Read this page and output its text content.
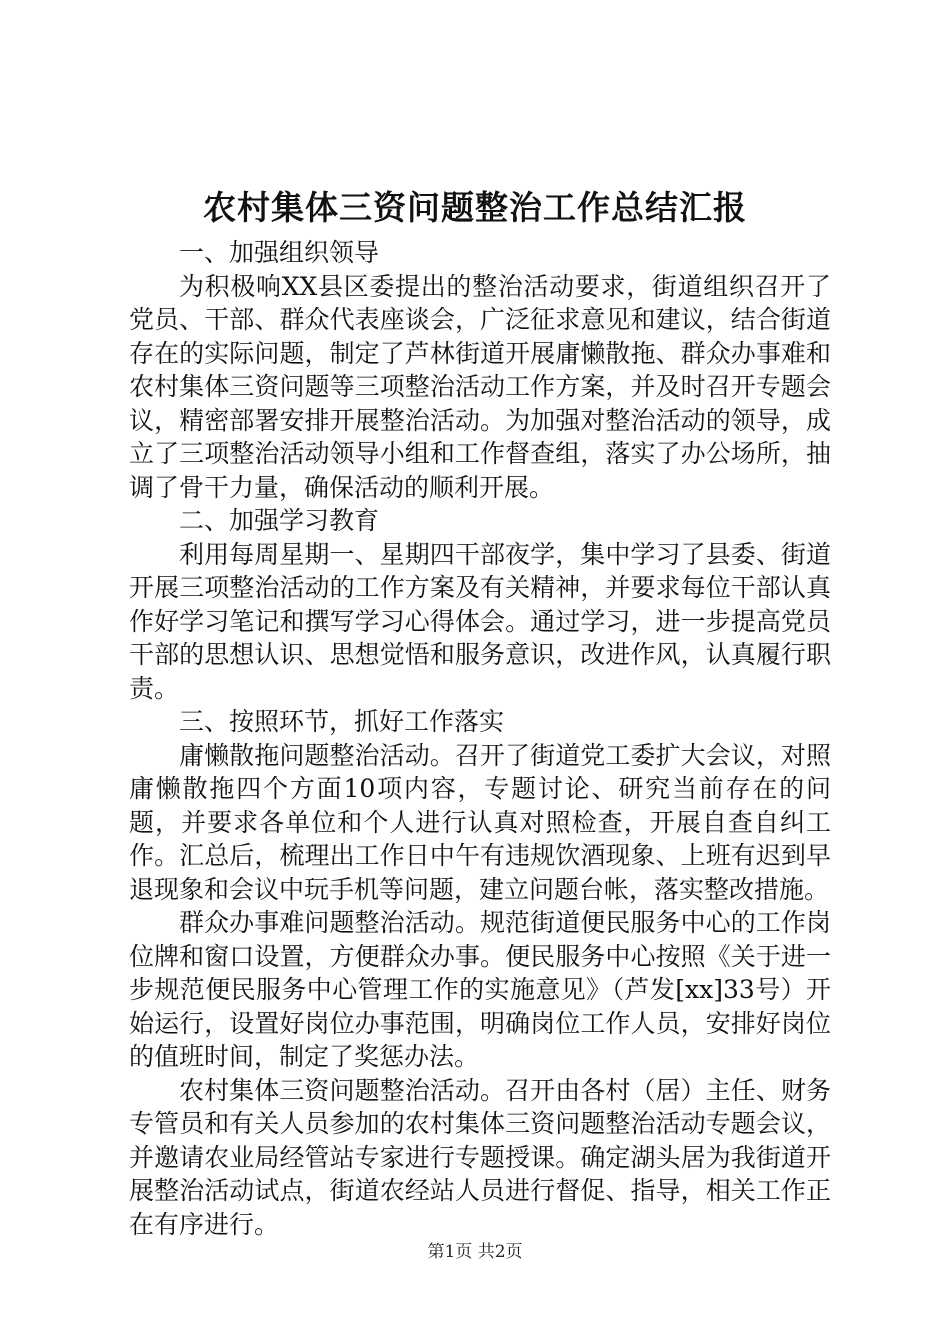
农村集体三资问题整治工作总结汇报

一、加强组织领导

为积极响XX县区委提出的整治活动要求，街道组织召开了党员、干部、群众代表座谈会，广泛征求意见和建议，结合街道存在的实际问题，制定了芦林街道开展庸懒散拖、群众办事难和农村集体三资问题等三项整治活动工作方案，并及时召开专题会议，精密部署安排开展整治活动。为加强对整治活动的领导，成立了三项整治活动领导小组和工作督查组，落实了办公场所，抽调了骨干力量，确保活动的顺利开展。

二、加强学习教育

利用每周星期一、星期四干部夜学，集中学习了县委、街道开展三项整治活动的工作方案及有关精神，并要求每位干部认真作好学习笔记和撰写学习心得体会。通过学习，进一步提高党员干部的思想认识、思想觉悟和服务意识，改进作风，认真履行职责。

三、按照环节，抓好工作落实

庸懒散拖问题整治活动。召开了街道党工委扩大会议，对照庸懒散拖四个方面10项内容，专题讨论、研究当前存在的问题，并要求各单位和个人进行认真对照检查，开展自查自纠工作。汇总后，梳理出工作日中午有违规饮酒现象、上班有迟到早退现象和会议中玩手机等问题，建立问题台帐，落实整改措施。

群众办事难问题整治活动。规范街道便民服务中心的工作岗位牌和窗口设置，方便群众办事。便民服务中心按照《关于进一步规范便民服务中心管理工作的实施意见》（芦发[xx]33号）开始运行，设置好岗位办事范围，明确岗位工作人员，安排好岗位的值班时间，制定了奖惩办法。

农村集体三资问题整治活动。召开由各村（居）主任、财务专管员和有关人员参加的农村集体三资问题整治活动专题会议，并邀请农业局经管站专家进行专题授课。确定湖头居为我街道开展整治活动试点，街道农经站人员进行督促、指导，相关工作正在有序进行。

第1页 共2页
